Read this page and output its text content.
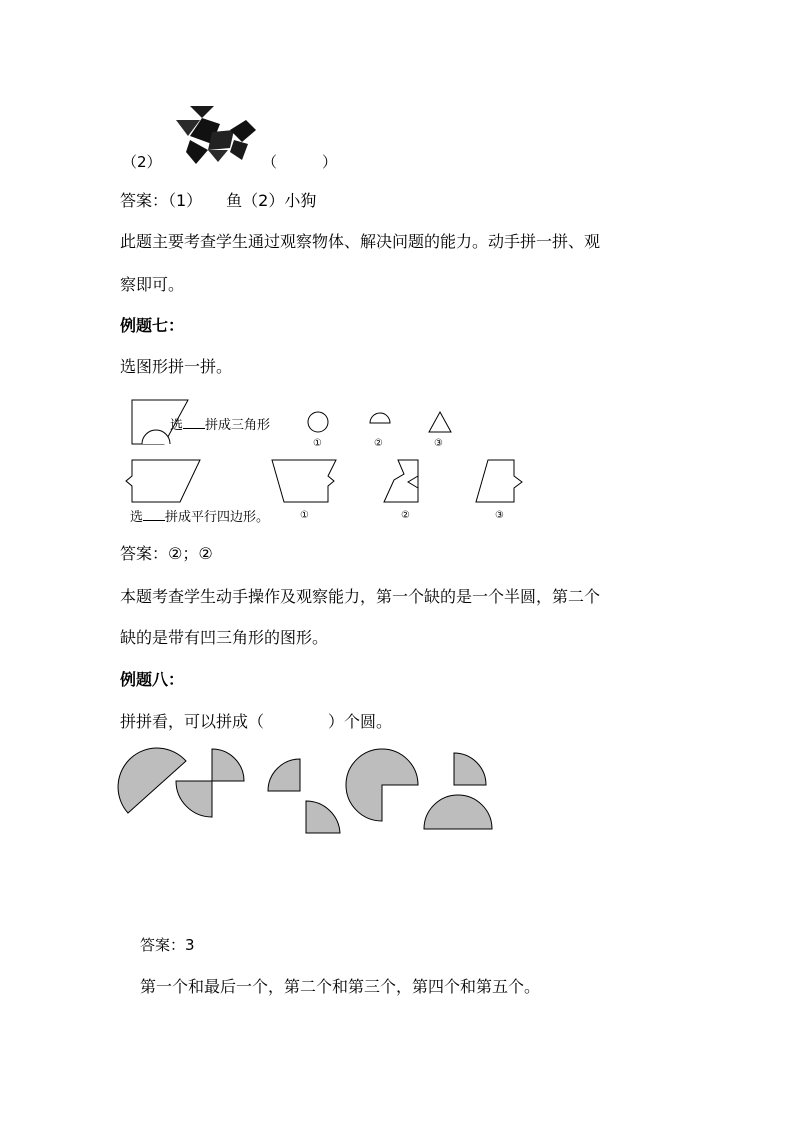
（2）	（　　　）
答案：（1）　　鱼（2）小狗
此题主要考查学生通过观察物体、解决问题的能力。动手拼一拼、观
察即可。
例题七：
选图形拼一拼。
选 拼成三角形
①	②	③
选 拼成平行四边形。	①	②	③
答案：②；②
本题考查学生动手操作及观察能力，第一个缺的是一个半圆，第二个
缺的是带有凹三角形的图形。
例题八：
拼拼看，可以拼成（　　　　）个圆。
答案：3
第一个和最后一个，第二个和第三个，第四个和第五个。
